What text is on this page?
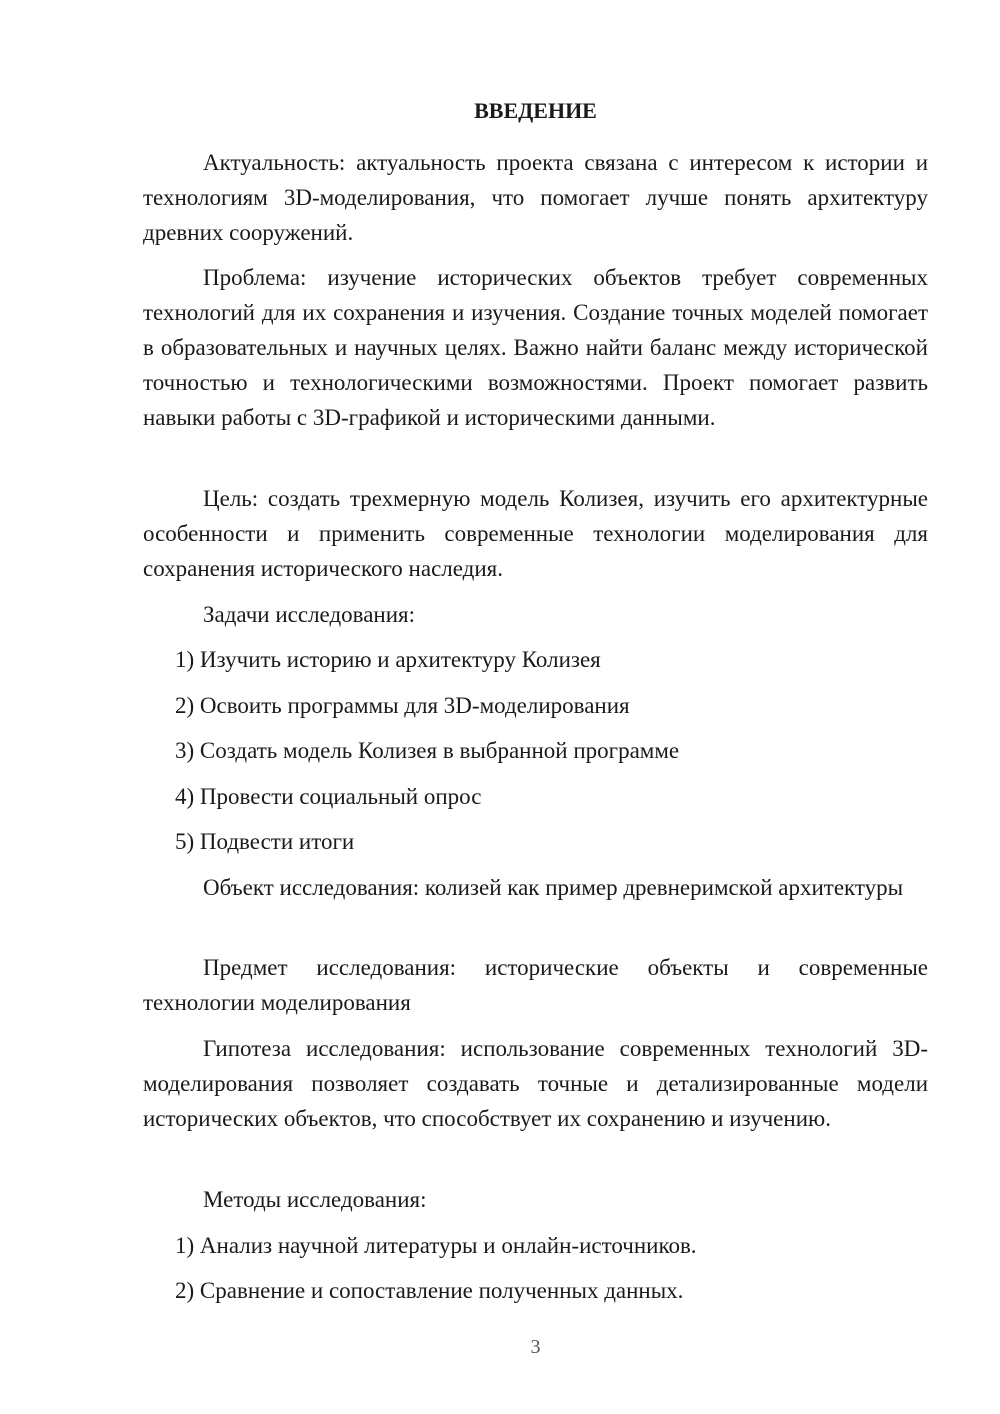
ВВЕДЕНИЕ

Актуальность: актуальность проекта связана с интересом к истории и технологиям 3D-моделирования, что помогает лучше понять архитектуру древних сооружений.

Проблема: изучение исторических объектов требует современных технологий для их сохранения и изучения. Создание точных моделей помогает в образовательных и научных целях. Важно найти баланс между исторической точностью и технологическими возможностями. Проект помогает развить навыки работы с 3D-графикой и историческими данными.

Цель: создать трехмерную модель Колизея, изучить его архитектурные особенности и применить современные технологии моделирования для сохранения исторического наследия.

Задачи исследования:

1) Изучить историю и архитектуру Колизея

2) Освоить программы для 3D-моделирования

3) Создать модель Колизея в выбранной программе

4) Провести социальный опрос

5) Подвести итоги

Объект исследования: колизей как пример древнеримской архитектуры

Предмет исследования: исторические объекты и современные технологии моделирования

Гипотеза исследования: использование современных технологий 3D-моделирования позволяет создавать точные и детализированные модели исторических объектов, что способствует их сохранению и изучению.

Методы исследования:

1) Анализ научной литературы и онлайн-источников.

2) Сравнение и сопоставление полученных данных.

3
